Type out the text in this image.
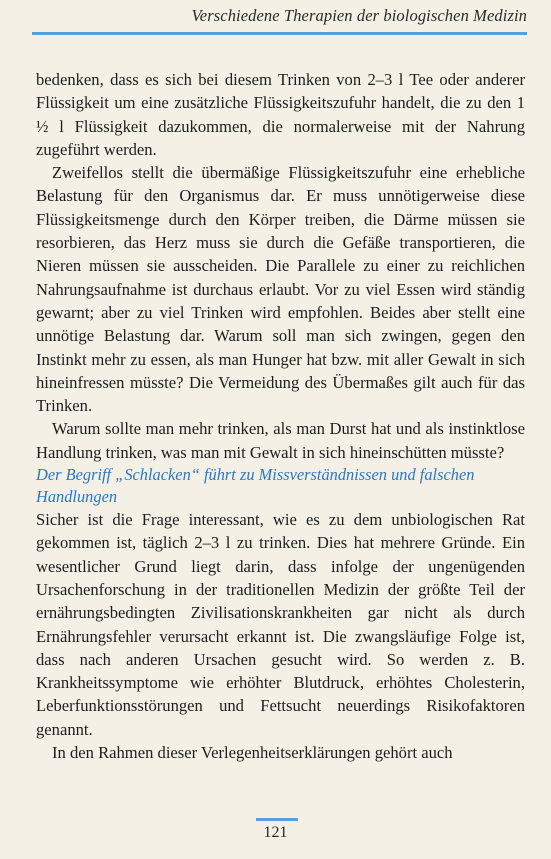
Verschiedene Therapien der biologischen Medizin

bedenken, dass es sich bei diesem Trinken von 2–3 l Tee oder anderer Flüssigkeit um eine zusätzliche Flüssigkeitszufuhr handelt, die zu den 1 ½ l Flüssigkeit dazukommen, die normalerweise mit der Nahrung zugeführt werden.

Zweifellos stellt die übermäßige Flüssigkeitszufuhr eine erhebliche Belastung für den Organismus dar. Er muss unnötigerweise diese Flüssigkeitsmenge durch den Körper treiben, die Därme müssen sie resorbieren, das Herz muss sie durch die Gefäße transportieren, die Nieren müssen sie ausscheiden. Die Parallele zu einer zu reichlichen Nahrungsaufnahme ist durchaus erlaubt. Vor zu viel Essen wird ständig gewarnt; aber zu viel Trinken wird empfohlen. Beides aber stellt eine unnötige Belastung dar. Warum soll man sich zwingen, gegen den Instinkt mehr zu essen, als man Hunger hat bzw. mit aller Gewalt in sich hineinfressen müsste? Die Vermeidung des Übermaßes gilt auch für das Trinken.

Warum sollte man mehr trinken, als man Durst hat und als instinktlose Handlung trinken, was man mit Gewalt in sich hineinschütten müsste?

Der Begriff „Schlacken“ führt zu Missverständnissen und falschen Handlungen

Sicher ist die Frage interessant, wie es zu dem unbiologischen Rat gekommen ist, täglich 2–3 l zu trinken. Dies hat mehrere Gründe. Ein wesentlicher Grund liegt darin, dass infolge der ungenügenden Ursachenforschung in der traditionellen Medizin der größte Teil der ernährungsbedingten Zivilisationskrankheiten gar nicht als durch Ernährungsfehler verursacht erkannt ist. Die zwangsläufige Folge ist, dass nach anderen Ursachen gesucht wird. So werden z. B. Krankheitssymptome wie erhöhter Blutdruck, erhöhtes Cholesterin, Leberfunktionsstörungen und Fettsucht neuerdings Risikofaktoren genannt.

In den Rahmen dieser Verlegenheitserklärungen gehört auch

121
